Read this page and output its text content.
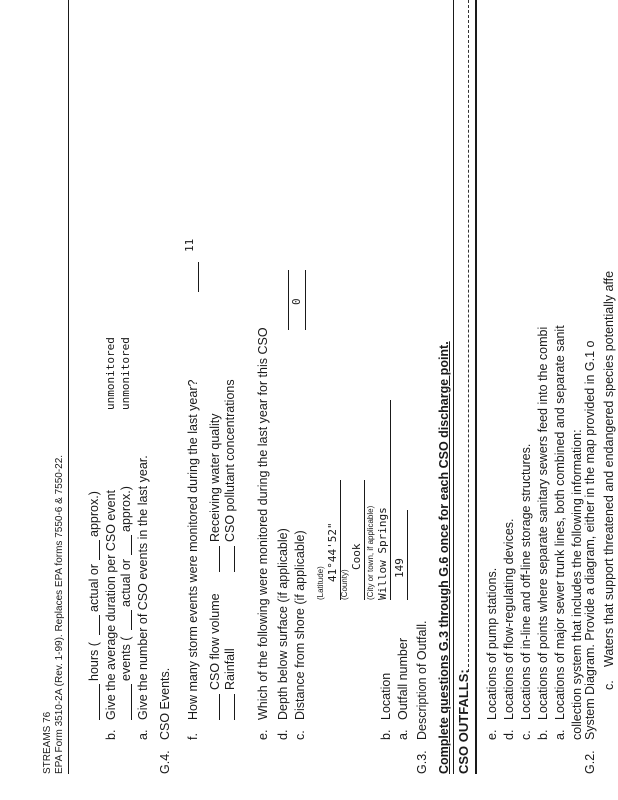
c.
Waters that support threatened and endangered species potentially affe
G.2.
System Diagram. Provide a diagram, either in the map provided in G.1 o
collection system that includes the following information:
a.
Locations of major sewer trunk lines, both combined and separate sanit
b.
Locations of points where separate sanitary sewers feed into the combi
c.
Locations of in-line and off-line storage structures.
d.
Locations of flow-regulating devices.
e.
Locations of pump stations.
CSO OUTFALLS:
Complete questions G.3 through G.6 once for each CSO discharge point.
G.3.
Description of Outfall.
a.
Outfall number
149
b.
Location
Willow Springs
(City or town, if applicable)
Cook
(County)
41°44'52"
(Latitude)
c.
Distance from shore (if applicable)
0
d.
Depth below surface (if applicable)
e.
Which of the following were monitored during the last year for this CSO
Rainfall
CSO pollutant concentrations
CSO flow volume
Receiving water quality
f.
How many storm events were monitored during the last year?
11
G.4.
CSO Events.
a.
Give the number of CSO events in the last year.
events (
actual or
approx.)
unmonitored
b.
Give the average duration per CSO event
unmonitored
hours (
actual or
approx.)
EPA Form 3510-2A (Rev. 1-99). Replaces EPA forms 7550-6 & 7550-22.
STREAMS 76
